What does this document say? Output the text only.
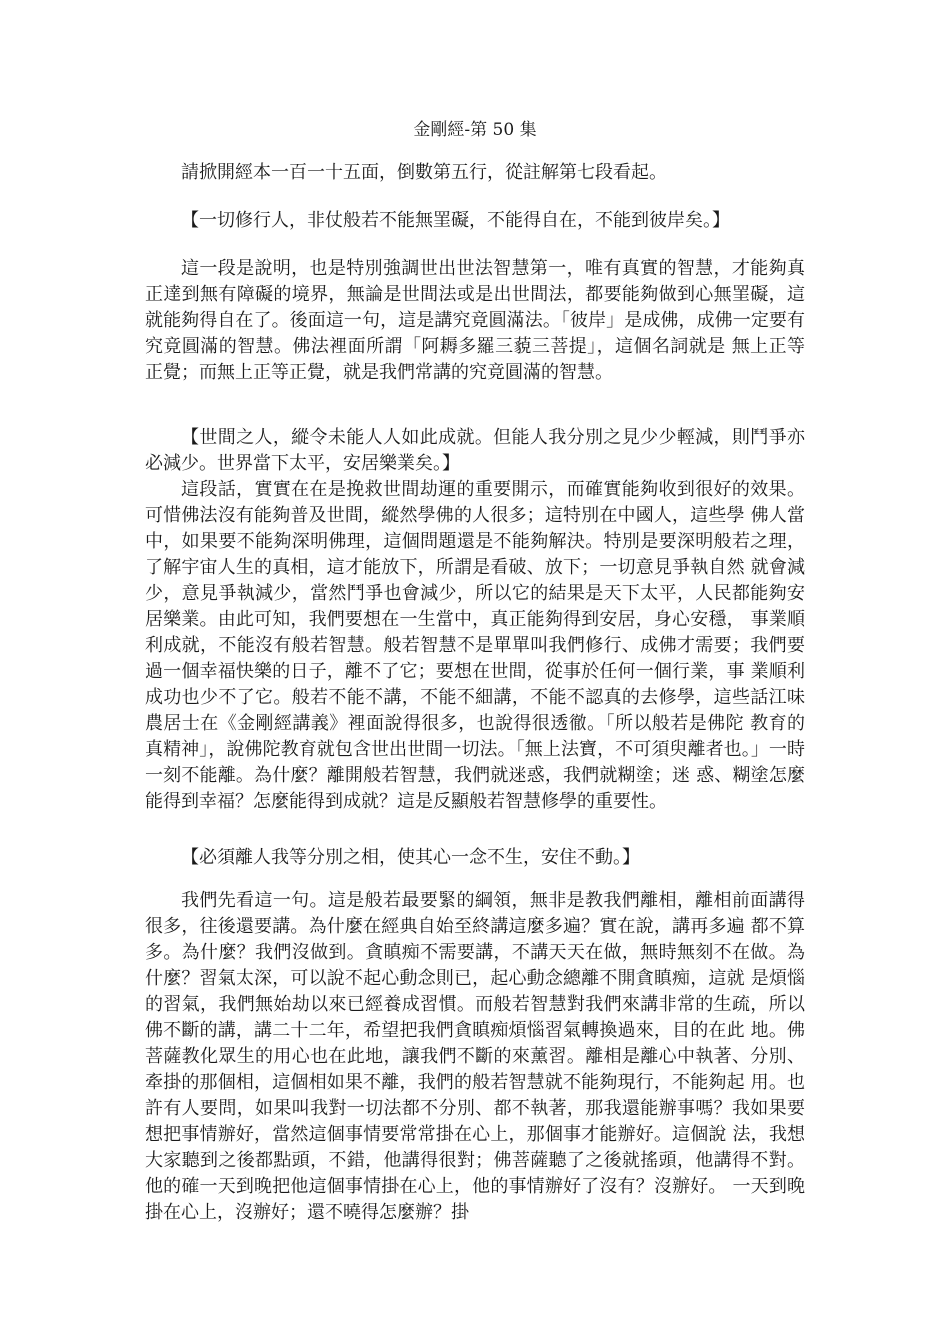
金剛經-第 50 集

請掀開經本一百一十五面，倒數第五行，從註解第七段看起。

【一切修行人，非仗般若不能無罣礙，不能得自在，不能到彼岸矣。】

這一段是說明，也是特別強調世出世法智慧第一，唯有真實的智慧，才能夠真正達到無有障礙的境界，無論是世間法或是出世間法，都要能夠做到心無罣礙，這就能夠得自在了。後面這一句，這是講究竟圓滿法。「彼岸」是成佛，成佛一定要有究竟圓滿的智慧。佛法裡面所謂「阿耨多羅三藐三菩提」，這個名詞就是 無上正等正覺；而無上正等正覺，就是我們常講的究竟圓滿的智慧。

【世間之人，縱令未能人人如此成就。但能人我分別之見少少輕減，則鬥爭亦必減少。世界當下太平，安居樂業矣。】

這段話，實實在在是挽救世間劫運的重要開示，而確實能夠收到很好的效果。可惜佛法沒有能夠普及世間，縱然學佛的人很多；這特別在中國人，這些學 佛人當中，如果要不能夠深明佛理，這個問題還是不能夠解決。特別是要深明般若之理，了解宇宙人生的真相，這才能放下，所謂是看破、放下；一切意見爭執自然 就會減少，意見爭執減少，當然鬥爭也會減少，所以它的結果是天下太平，人民都能夠安居樂業。由此可知，我們要想在一生當中，真正能夠得到安居，身心安穩， 事業順利成就，不能沒有般若智慧。般若智慧不是單單叫我們修行、成佛才需要；我們要過一個幸福快樂的日子，離不了它；要想在世間，從事於任何一個行業，事 業順利成功也少不了它。般若不能不講，不能不細講，不能不認真的去修學，這些話江味農居士在《金剛經講義》裡面說得很多，也說得很透徹。「所以般若是佛陀 教育的真精神」，說佛陀教育就包含世出世間一切法。「無上法寶，不可須臾離者也。」一時一刻不能離。為什麼？離開般若智慧，我們就迷惑，我們就糊塗；迷 惑、糊塗怎麼能得到幸福？怎麼能得到成就？這是反顯般若智慧修學的重要性。

【必須離人我等分別之相，使其心一念不生，安住不動。】

我們先看這一句。這是般若最要緊的綱領，無非是教我們離相，離相前面講得很多，往後還要講。為什麼在經典自始至終講這麼多遍？實在說，講再多遍 都不算多。為什麼？我們沒做到。貪瞋痴不需要講，不講天天在做，無時無刻不在做。為什麼？習氣太深，可以說不起心動念則已，起心動念總離不開貪瞋痴，這就 是煩惱的習氣，我們無始劫以來已經養成習慣。而般若智慧對我們來講非常的生疏，所以佛不斷的講，講二十二年，希望把我們貪瞋痴煩惱習氣轉換過來，目的在此 地。佛菩薩教化眾生的用心也在此地，讓我們不斷的來薰習。離相是離心中執著、分別、牽掛的那個相，這個相如果不離，我們的般若智慧就不能夠現行，不能夠起 用。也許有人要問，如果叫我對一切法都不分別、都不執著，那我還能辦事嗎？我如果要想把事情辦好，當然這個事情要常常掛在心上，那個事才能辦好。這個說 法，我想大家聽到之後都點頭，不錯，他講得很對；佛菩薩聽了之後就搖頭，他講得不對。他的確一天到晚把他這個事情掛在心上，他的事情辦好了沒有？沒辦好。 一天到晚掛在心上，沒辦好；還不曉得怎麼辦？掛
